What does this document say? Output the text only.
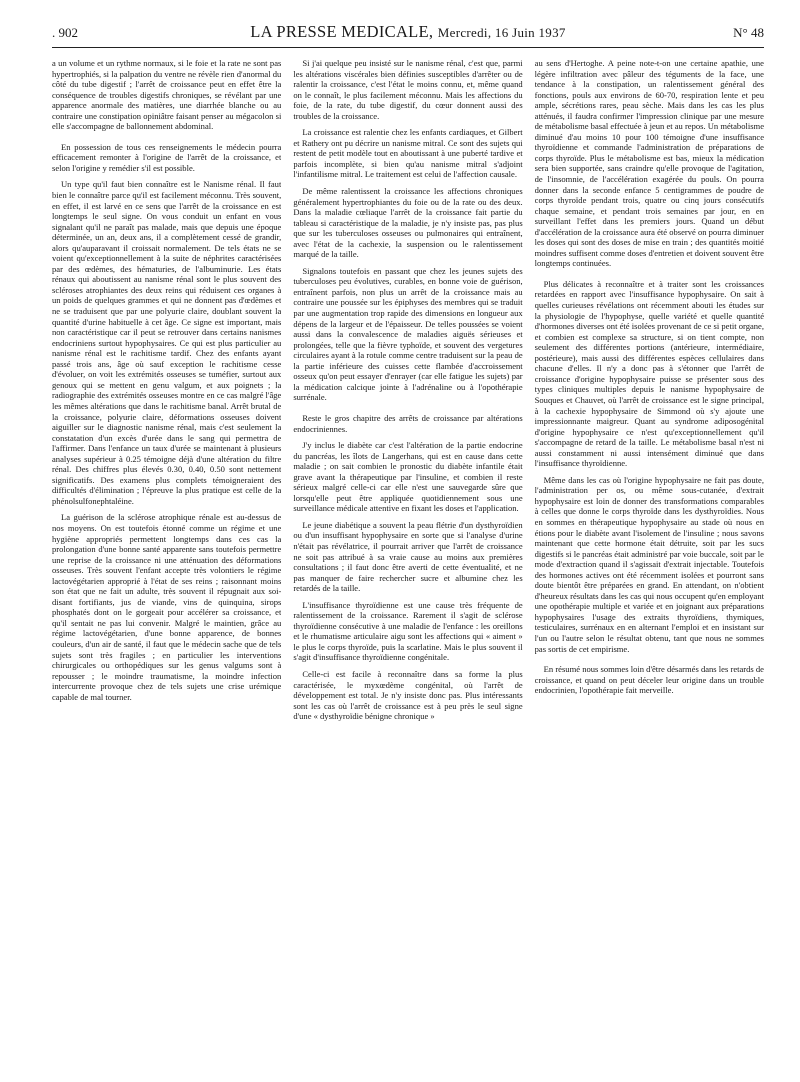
. 902	LA PRESSE MEDICALE, Mercredi, 16 Juin 1937	N° 48

a un volume et un rythme normaux, si le foie et la rate ne sont pas hypertrophiés, si la palpation du ventre ne révèle rien d'anormal du côté du tube digestif ; l'arrêt de croissance peut en effet être la conséquence de troubles digestifs chroniques, se révélant par une apparence anormale des matières, une diarrhée blanche ou au contraire une constipation opiniâtre faisant penser au mégacolon si elle s'accompagne de ballonnement abdominal.

En possession de tous ces renseignements le médecin pourra efficacement remonter à l'origine de l'arrêt de la croissance, et selon l'origine y remédier s'il est possible.

Un type qu'il faut bien connaître est le Nanisme rénal. Il faut bien le connaître parce qu'il est facilement méconnu. Très souvent, en effet, il est larvé en ce sens que l'arrêt de la croissance en est longtemps le seul signe. On vous conduit un enfant en vous signalant qu'il ne paraît pas malade, mais que depuis une époque déterminée, un an, deux ans, il a complètement cessé de grandir, alors qu'auparavant il croissait normalement. De tels états ne se voient qu'exceptionnellement à la suite de néphrites caractérisées par des œdèmes, des hématuries, de l'albuminurie. Les états rénaux qui aboutissent au nanisme rénal sont le plus souvent des scléroses atrophiantes des deux reins qui réduisent ces organes à un poids de quelques grammes et qui ne donnent pas d'œdèmes et ne se traduisent que par une polyurie claire, doublant souvent la quantité d'urine habituelle à cet âge. Ce signe est important, mais non caractéristique car il peut se retrouver dans certains nanismes endocriniens surtout hypophysaires. Ce qui est plus particulier au nanisme rénal est le rachitisme tardif. Chez des enfants ayant passé trois ans, âge où sauf exception le rachitisme cesse d'évoluer, on voit les extrémités osseuses se tuméfier, surtout aux genoux qui se mettent en genu valgum, et aux poignets ; la radiographie des extrémités osseuses montre en ce cas malgré l'âge les mêmes altérations que dans le rachitisme banal. Arrêt brutal de la croissance, polyurie claire, déformations osseuses doivent aiguiller sur le diagnostic nanisme rénal, mais c'est seulement la constatation d'un excès d'urée dans le sang qui permettra de l'affirmer. Dans l'enfance un taux d'urée se maintenant à plusieurs analyses supérieur à 0.25 témoigne déjà d'une altération du filtre rénal. Des chiffres plus élevés 0.30, 0.40, 0.50 sont nettement significatifs. Des examens plus complets témoigneraient des difficultés d'élimination ; l'épreuve la plus pratique est celle de la phénolsulfonephtaléine.

La guérison de la sclérose atrophique rénale est au-dessus de nos moyens. On est toutefois étonné comme un régime et une hygiène appropriés permettent longtemps dans ces cas la prolongation d'une bonne santé apparente sans toutefois permettre une reprise de la croissance ni une atténuation des déformations osseuses. Très souvent l'enfant accepte très volontiers le régime lactovégétarien approprié à l'état de ses reins ; raisonnant moins son état que ne fait un adulte, très souvent il répugnait aux soi-disant fortifiants, jus de viande, vins de quinquina, sirops phosphatés dont on le gorgeait pour accélérer sa croissance, et qu'il sentait ne pas lui convenir. Malgré le maintien, grâce au régime lactovégétarien, d'une bonne apparence, de bonnes couleurs, d'un air de santé, il faut que le médecin sache que de tels sujets sont très fragiles ; en particulier les interventions chirurgicales ou orthopédiques sur les genus valgums sont à repousser ; le moindre traumatisme, la moindre infection intercurrente provoque chez de tels sujets une crise urémique capable de mal tourner.

Si j'ai quelque peu insisté sur le nanisme rénal, c'est que, parmi les altérations viscérales bien définies susceptibles d'arrêter ou de ralentir la croissance, c'est l'état le moins connu, et, même quand on le connaît, le plus facilement méconnu. Mais les affections du foie, de la rate, du tube digestif, du cœur donnent aussi des troubles de la croissance.

La croissance est ralentie chez les enfants cardiaques, et Gilbert et Rathery ont pu décrire un nanisme mitral. Ce sont des sujets qui restent de petit modèle tout en aboutissant à une puberté tardive et parfois incomplète, si bien qu'au nanisme mitral s'adjoint l'infantilisme mitral. Le traitement est celui de l'affection causale.

De même ralentissent la croissance les affections chroniques généralement hypertrophiantes du foie ou de la rate ou des deux. Dans la maladie cœliaque l'arrêt de la croissance fait partie du tableau si caractéristique de la maladie, je n'y insiste pas, pas plus que sur les tuberculoses osseuses ou pulmonaires qui entraînent, avec l'état de la cachexie, la suspension ou le ralentissement marqué de la taille.

Signalons toutefois en passant que chez les jeunes sujets des tuberculoses peu évolutives, curables, en bonne voie de guérison, entraînent parfois, non plus un arrêt de la croissance mais au contraire une poussée sur les épiphyses des membres qui se traduit par une augmentation trop rapide des dimensions en longueur aux dépens de la largeur et de l'épaisseur. De telles poussées se voient aussi dans la convalescence de maladies aiguës sérieuses et prolongées, telle que la fièvre typhoïde, et souvent des vergetures circulaires ayant à la rotule comme centre traduisent sur la peau de la partie inférieure des cuisses cette flambée d'accroissement osseux qu'on peut essayer d'enrayer (car elle fatigue les sujets) par la médication calcique jointe à l'adrénaline ou à l'opothérapie surrénale.

Reste le gros chapitre des arrêts de croissance par altérations endocriniennes.

J'y inclus le diabète car c'est l'altération de la partie endocrine du pancréas, les îlots de Langerhans, qui est en cause dans cette maladie ; on sait combien le pronostic du diabète infantile était grave avant la thérapeutique par l'insuline, et combien il reste sérieux malgré celle-ci car elle n'est une sauvegarde sûre que lorsqu'elle peut être appliquée quotidiennement sous une surveillance médicale attentive en fixant les doses et l'application.

Le jeune diabétique a souvent la peau flétrie d'un dysthyroïdien ou d'un insuffisant hypophysaire en sorte que si l'analyse d'urine n'était pas révélatrice, il pourrait arriver que l'arrêt de croissance ne soit pas attribué à sa vraie cause au moins aux premières consultations ; il faut donc être averti de cette éventualité, et ne pas manquer de faire rechercher sucre et albumine chez les retardés de la taille.

L'insuffisance thyroïdienne est une cause très fréquente de ralentissement de la croissance. Rarement il s'agit de sclérose thyroïdienne consécutive à une maladie de l'enfance : les oreillons et le rhumatisme articulaire aigu sont les affections qui « aiment » le plus le corps thyroïde, puis la scarlatine. Mais le plus souvent il s'agit d'insuffisance thyroïdienne congénitale.

Celle-ci est facile à reconnaître dans sa forme la plus caractérisée, le myxœdème congénital, où l'arrêt de développement est total. Je n'y insiste donc pas. Plus intéressants sont les cas où l'arrêt de croissance est à peu près le seul signe d'une « dysthyroïdie bénigne chronique »

au sens d'Hertoghe. A peine note-t-on une certaine apathie, une légère infiltration avec pâleur des téguments de la face, une tendance à la constipation, un ralentissement général des fonctions, pouls aux environs de 60-70, respiration lente et peu ample, sécrétions rares, peau sèche. Mais dans les cas les plus atténués, il faudra confirmer l'impression clinique par une mesure de métabolisme basal effectuée à jeun et au repos. Un métabolisme diminué d'au moins 10 pour 100 témoigne d'une insuffisance thyroïdienne et commande l'administration de préparations de corps thyroïde. Plus le métabolisme est bas, mieux la médication sera bien supportée, sans craindre qu'elle provoque de l'agitation, de l'insomnie, de l'accélération exagérée du pouls. On pourra donner dans la seconde enfance 5 centigrammes de poudre de corps thyroïde pendant trois, quatre ou cinq jours consécutifs chaque semaine, et pendant trois semaines par jour, en en surveillant l'effet dans les premiers jours. Quand un début d'accélération de la croissance aura été observé on pourra diminuer les doses qui sont des doses de mise en train ; des quantités moitié moindres suffisent comme doses d'entretien et doivent souvent être longtemps continuées.

Plus délicates à reconnaître et à traiter sont les croissances retardées en rapport avec l'insuffisance hypophysaire. On sait à quelles curieuses révélations ont récemment abouti les études sur la physiologie de l'hypophyse, quelle variété et quelle quantité d'hormones diverses ont été isolées provenant de ce si petit organe, et combien est complexe sa structure, si on tient compte, non seulement des différentes portions (antérieure, intermédiaire, postérieure), mais aussi des différentes espèces cellulaires dans chacune d'elles. Il n'y a donc pas à s'étonner que l'arrêt de croissance d'origine hypophysaire puisse se présenter sous des types cliniques multiples depuis le nanisme hypophysaire de Souques et Chauvet, où l'arrêt de croissance est le signe principal, à la cachexie hypophysaire de Simmond où s'y ajoute une impressionnante maigreur. Quant au syndrome adiposogénital d'origine hypophysaire ce n'est qu'exceptionnellement qu'il s'accompagne de retard de la taille. Le métabolisme basal n'est ni aussi constamment ni aussi intensément diminué que dans l'insuffisance thyroïdienne.

Même dans les cas où l'origine hypophysaire ne fait pas doute, l'administration per os, ou même sous-cutanée, d'extrait hypophysaire est loin de donner des transformations comparables à celles que donne le corps thyroïde dans les dysthyroïdies. Nous en sommes en thérapeutique hypophysaire au stade où nous en étions pour le diabète avant l'isolement de l'insuline ; nous savons maintenant que cette hormone était détruite, soit par les sucs digestifs si le pancréas était administré par voie buccale, soit par le mode d'extraction quand il s'agissait d'extrait injectable. Toutefois des hormones actives ont été récemment isolées et pourront sans doute bientôt être préparées en grand. En attendant, on n'obtient d'heureux résultats dans les cas qui nous occupent qu'en employant une opothérapie multiple et variée et en joignant aux préparations hypophysaires l'usage des extraits thyroïdiens, thymiques, testiculaires, surrénaux en en alternant l'emploi et en insistant sur l'un ou l'autre selon le résultat obtenu, tant que nous ne sommes pas sortis de cet empirisme.

En résumé nous sommes loin d'être désarmés dans les retards de croissance, et quand on peut déceler leur origine dans un trouble endocrinien, l'opothérapie fait merveille.
